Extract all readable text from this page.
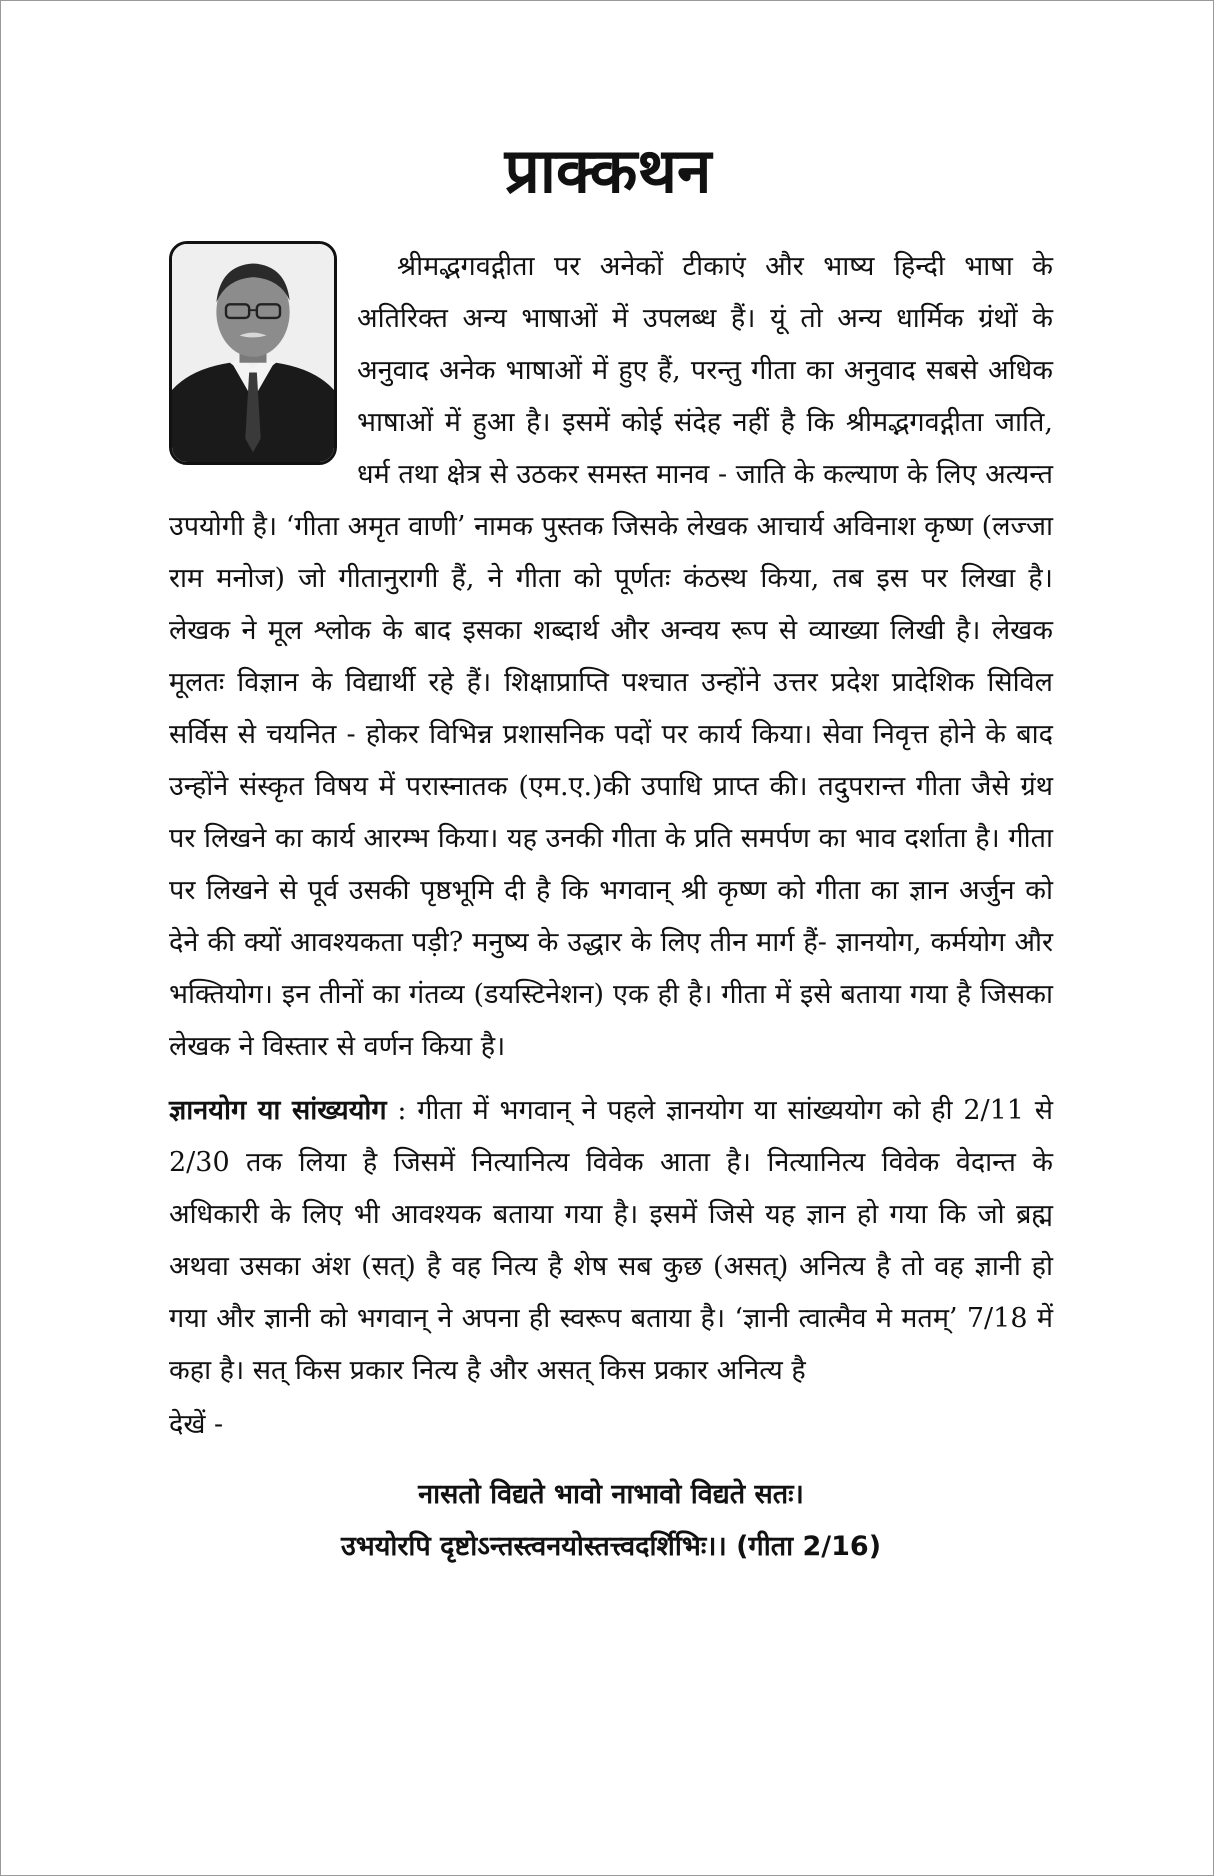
प्राक्कथन

श्रीमद्भगवद्गीता पर अनेकों टीकाएं और भाष्य हिन्दी भाषा के अतिरिक्त अन्य भाषाओं में उपलब्ध हैं। यूं तो अन्य धार्मिक ग्रंथों के अनुवाद अनेक भाषाओं में हुए हैं, परन्तु गीता का अनुवाद सबसे अधिक भाषाओं में हुआ है। इसमें कोई संदेह नहीं है कि श्रीमद्भगवद्गीता जाति, धर्म तथा क्षेत्र से उठकर समस्त मानव - जाति के कल्याण के लिए अत्यन्त उपयोगी है। ‘गीता अमृत वाणी’ नामक पुस्तक जिसके लेखक आचार्य अविनाश कृष्ण (लज्जा राम मनोज) जो गीतानुरागी हैं, ने गीता को पूर्णतः कंठस्थ किया, तब इस पर लिखा है। लेखक ने मूल श्लोक के बाद इसका शब्दार्थ और अन्वय रूप से व्याख्या लिखी है। लेखक मूलतः विज्ञान के विद्यार्थी रहे हैं। शिक्षाप्राप्ति पश्चात उन्होंने उत्तर प्रदेश प्रादेशिक सिविल सर्विस से चयनित - होकर विभिन्न प्रशासनिक पदों पर कार्य किया। सेवा निवृत्त होने के बाद उन्होंने संस्कृत विषय में परास्नातक (एम.ए.)की उपाधि प्राप्त की। तदुपरान्त गीता जैसे ग्रंथ पर लिखने का कार्य आरम्भ किया। यह उनकी गीता के प्रति समर्पण का भाव दर्शाता है। गीता पर लिखने से पूर्व उसकी पृष्ठभूमि दी है कि भगवान् श्री कृष्ण को गीता का ज्ञान अर्जुन को देने की क्यों आवश्यकता पड़ी? मनुष्य के उद्धार के लिए तीन मार्ग हैं- ज्ञानयोग, कर्मयोग और भक्तियोग। इन तीनों का गंतव्य (डयस्टिनेशन) एक ही है। गीता में इसे बताया गया है जिसका लेखक ने विस्तार से वर्णन किया है।

ज्ञानयोग या सांख्ययोग : गीता में भगवान् ने पहले ज्ञानयोग या सांख्ययोग को ही 2/11 से 2/30 तक लिया है जिसमें नित्यानित्य विवेक आता है। नित्यानित्य विवेक वेदान्त के अधिकारी के लिए भी आवश्यक बताया गया है। इसमें जिसे यह ज्ञान हो गया कि जो ब्रह्म अथवा उसका अंश (सत्) है वह नित्य है शेष सब कुछ (असत्) अनित्य है तो वह ज्ञानी हो गया और ज्ञानी को भगवान् ने अपना ही स्वरूप बताया है। ‘ज्ञानी त्वात्मैव मे मतम्’ 7/18 में कहा है। सत् किस प्रकार नित्य है और असत् किस प्रकार अनित्य है

देखें -

नासतो विद्यते भावो नाभावो विद्यते सतः।
उभयोरपि दृष्टोऽन्तस्त्वनयोस्तत्त्वदर्शिभिः।। (गीता 2/16)
